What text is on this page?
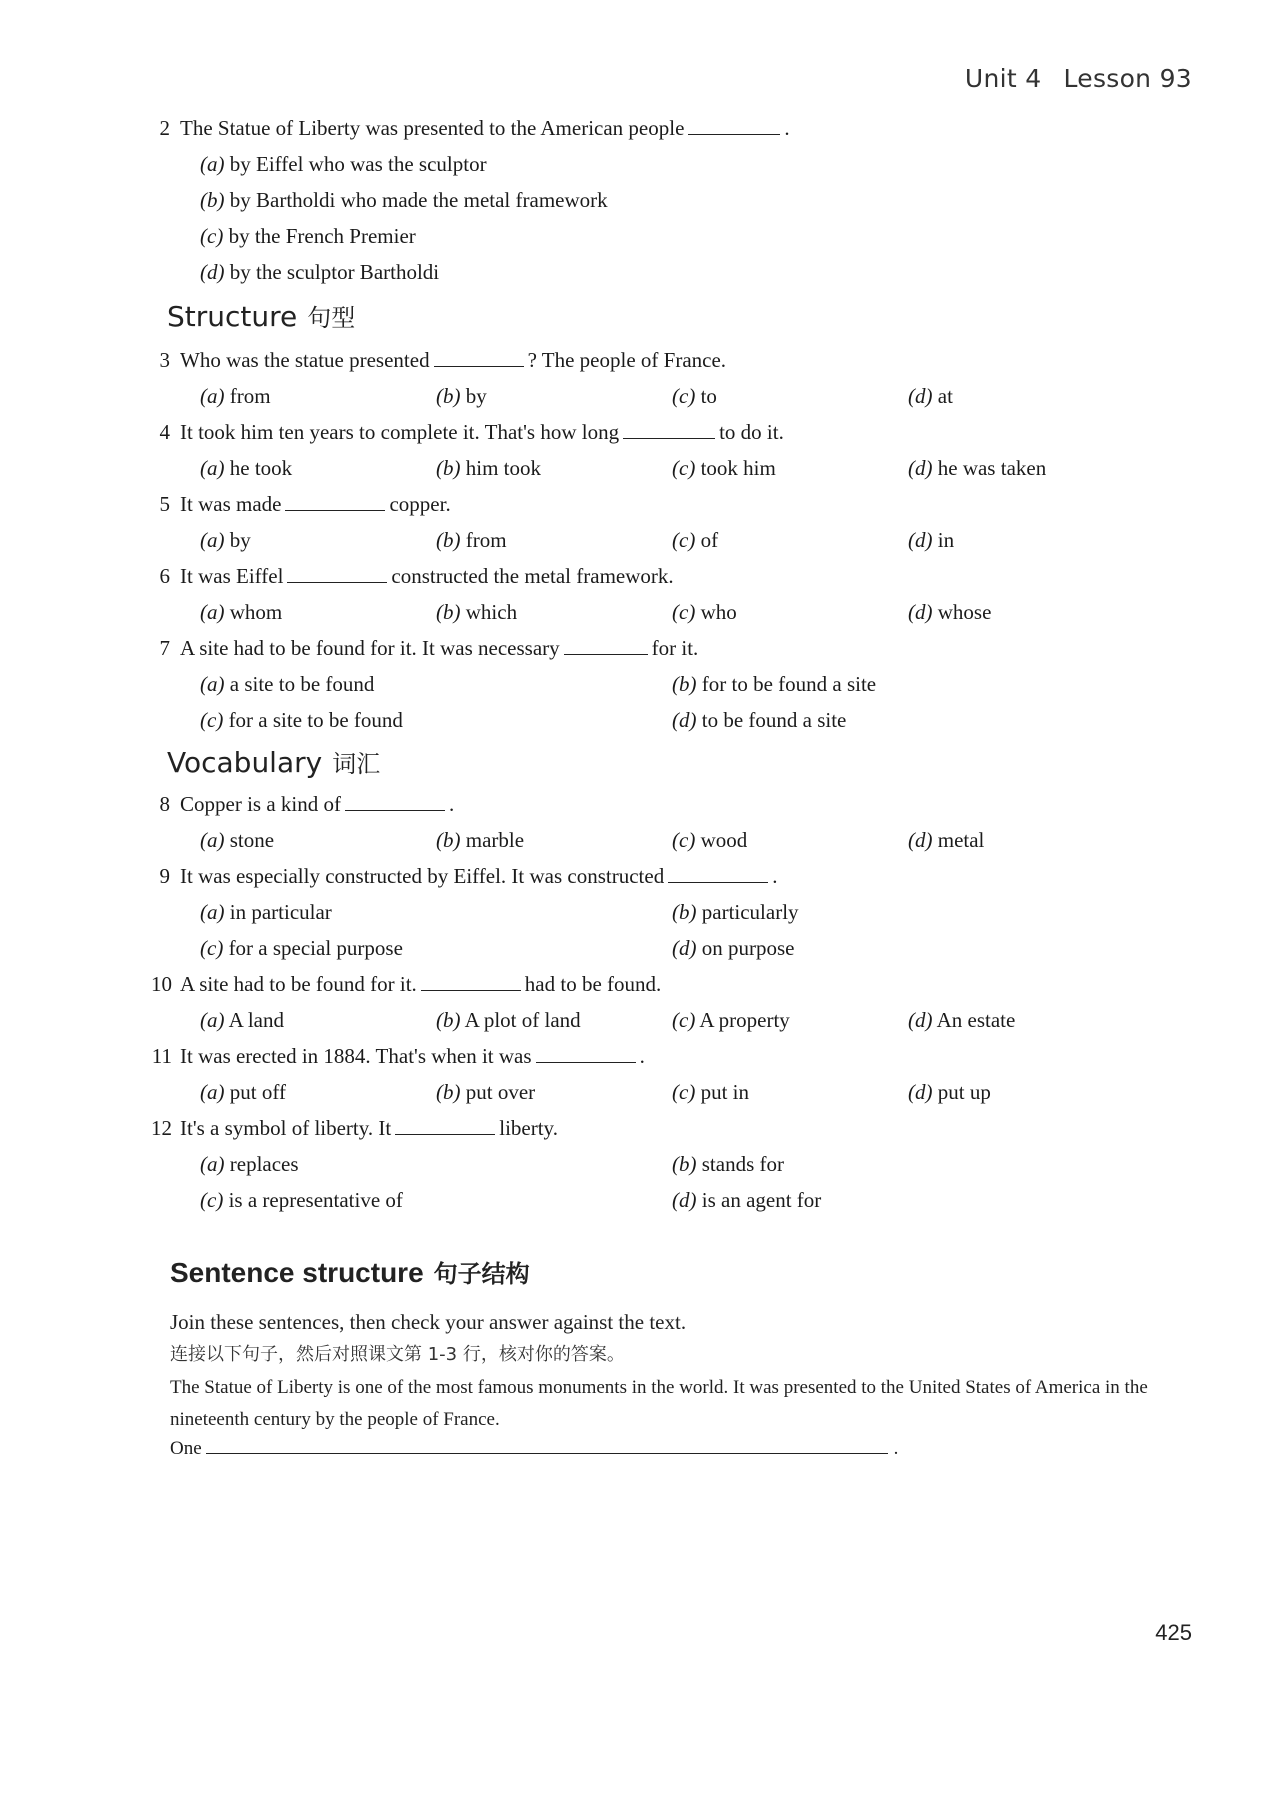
Unit 4 Lesson 93
2 The Statue of Liberty was presented to the American people	.
(a) by Eiffel who was the sculptor
(b) by Bartholdi who made the metal framework
(c) by the French Premier
(d) by the sculptor Bartholdi
Structure 句型
3 Who was the statue presented	? The people of France.
(a) from	(b) by	(c) to	(d) at
4 It took him ten years to complete it. That's how long	to do it.
(a) he took	(b) him took	(c) took him	(d) he was taken
5 It was made	copper.
(a) by	(b) from	(c) of	(d) in
6 It was Eiffel	constructed the metal framework.
(a) whom	(b) which	(c) who	(d) whose
7 A site had to be found for it. It was necessary	for it.
(a) a site to be found	(b) for to be found a site
(c) for a site to be found	(d) to be found a site
Vocabulary 词汇
8 Copper is a kind of	.
(a) stone	(b) marble	(c) wood	(d) metal
9 It was especially constructed by Eiffel. It was constructed	.
(a) in particular	(b) particularly
(c) for a special purpose	(d) on purpose
10 A site had to be found for it.	had to be found.
(a) A land	(b) A plot of land	(c) A property	(d) An estate
11 It was erected in 1884. That's when it was	.
(a) put off	(b) put over	(c) put in	(d) put up
12 It's a symbol of liberty. It	liberty.
(a) replaces	(b) stands for
(c) is a representative of	(d) is an agent for
Sentence structure 句子结构
Join these sentences, then check your answer against the text.
连接以下句子，然后对照课文第 1-3 行，核对你的答案。
The Statue of Liberty is one of the most famous monuments in the world. It was presented to the United States of America in the nineteenth century by the people of France.
One	.
425
